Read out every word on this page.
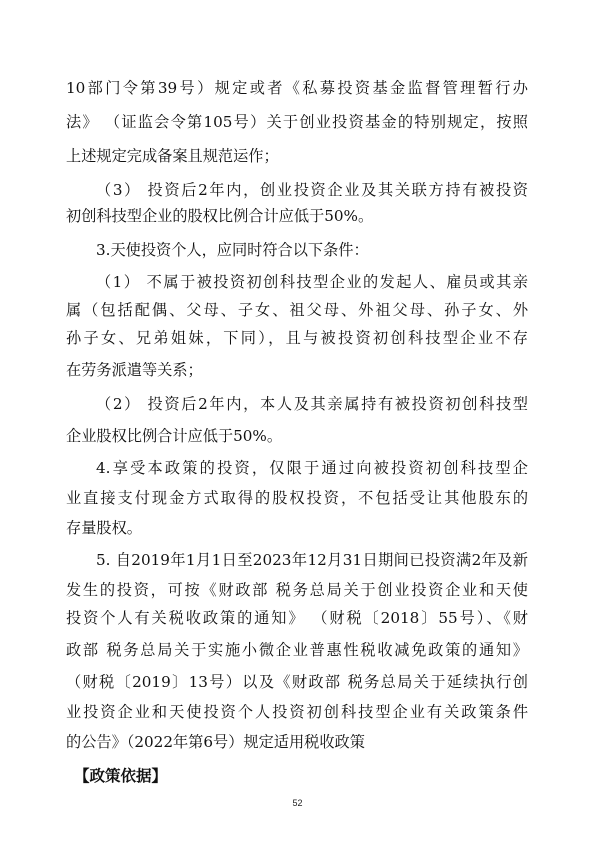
10部门令第39号）规定或者《私募投资基金监督管理暂行办
法》 （证监会令第105号）关于创业投资基金的特别规定，按照
上述规定完成备案且规范运作；
（3） 投资后2年内，创业投资企业及其关联方持有被投资
初创科技型企业的股权比例合计应低于50%。
3.天使投资个人，应同时符合以下条件：
（1） 不属于被投资初创科技型企业的发起人、雇员或其亲
属（包括配偶、父母、子女、祖父母、外祖父母、孙子女、外
孙子女、兄弟姐妹，下同），且与被投资初创科技型企业不存
在劳务派遣等关系；
（2） 投资后2年内，本人及其亲属持有被投资初创科技型
企业股权比例合计应低于50%。
4.享受本政策的投资，仅限于通过向被投资初创科技型企
业直接支付现金方式取得的股权投资，不包括受让其他股东的
存量股权。
5. 自2019年1月1日至2023年12月31日期间已投资满2年及新
发生的投资，可按《财政部 税务总局关于创业投资企业和天使
投资个人有关税收政策的通知》 （财税〔2018〕55号）、《财
政部 税务总局关于实施小微企业普惠性税收减免政策的通知》
（财税〔2019〕13号）以及《财政部 税务总局关于延续执行创
业投资企业和天使投资个人投资初创科技型企业有关政策条件
的公告》（2022年第6号）规定适用税收政策
【政策依据】
52
